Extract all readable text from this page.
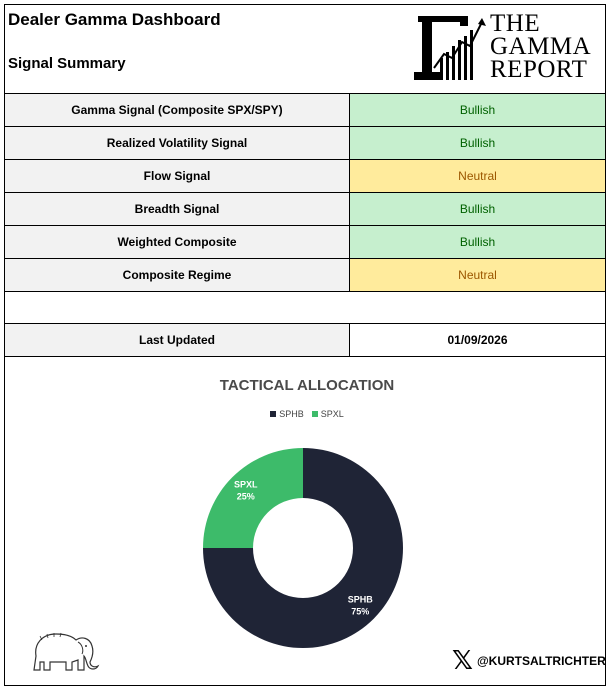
Dealer Gamma Dashboard
Signal Summary
THE
GAMMA
REPORT
Gamma Signal (Composite SPX/SPY)	Bullish
Realized Volatility Signal	Bullish
Flow Signal	Neutral
Breadth Signal	Bullish
Weighted Composite	Bullish
Composite Regime	Neutral
Last Updated	01/09/2026
TACTICAL ALLOCATION
SPHB SPXL
SPHB
75%
SPXL
25%
𝕏 @KURTSALTRICHTER
